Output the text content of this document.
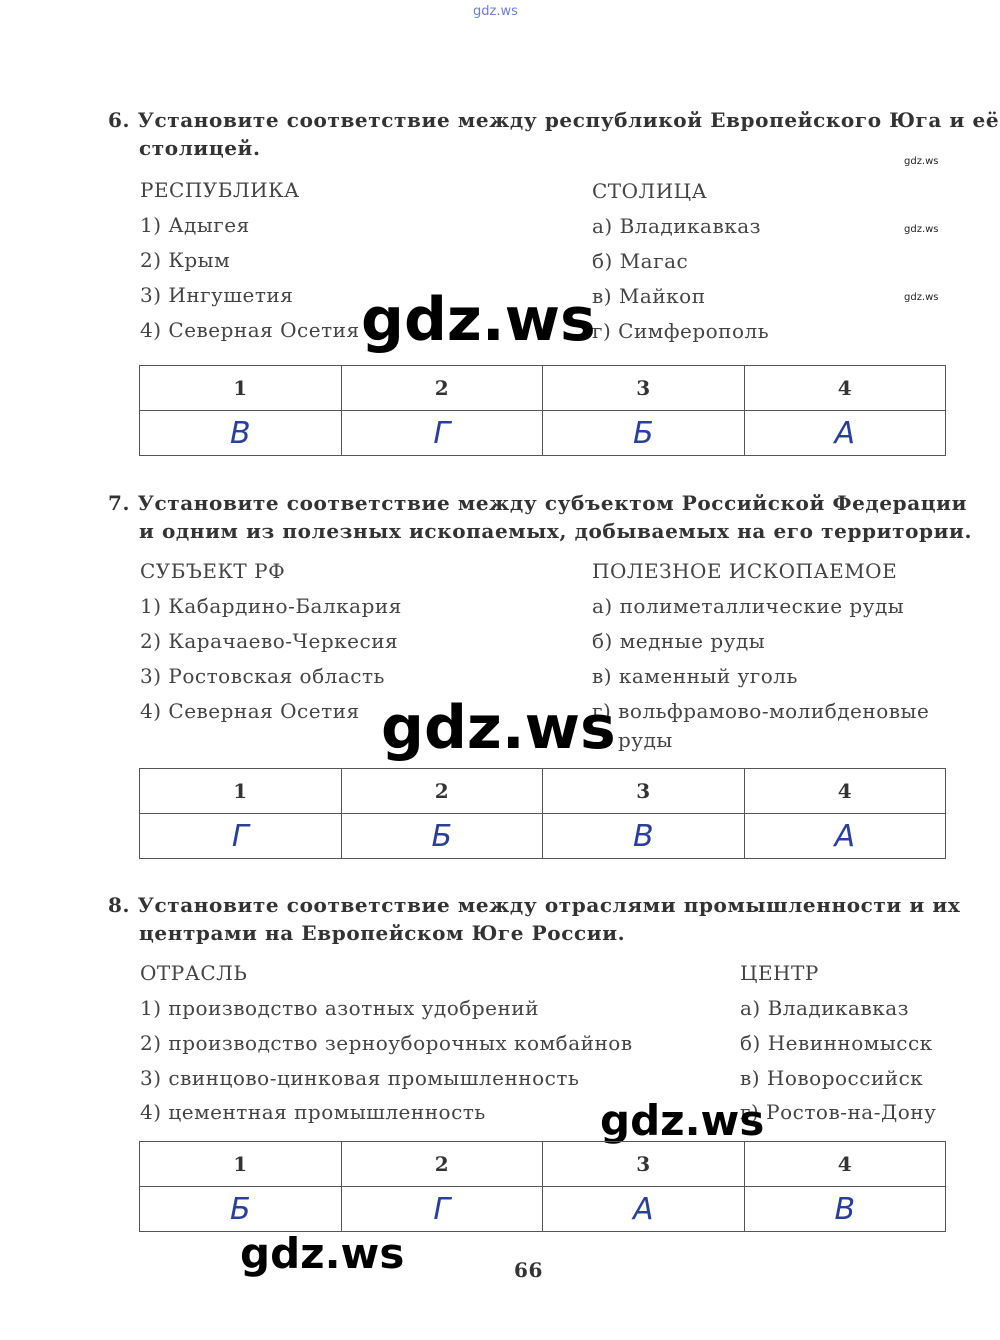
gdz.ws
6. Установите соответствие между республикой Европейского Юга и её
столицей.
gdz.ws
gdz.ws
gdz.ws
РЕСПУБЛИКА	СТОЛИЦА
1) Адыгея
2) Крым
3) Ингушетия
4) Северная Осетия
а) Владикавказ
б) Магас
в) Майкоп
г) Симферополь
gdz.ws
1	2	3	4
В	Г	Б	А
7. Установите соответствие между субъектом Российской Федерации
и одним из полезных ископаемых, добываемых на его территории.
СУБЪЕКТ РФ	ПОЛЕЗНОЕ ИСКОПАЕМОЕ
1) Кабардино-Балкария
2) Карачаево-Черкесия
3) Ростовская область
4) Северная Осетия
а) полиметаллические руды
б) медные руды
в) каменный уголь
г) вольфрамово-молибденовые
руды
gdz.ws
1	2	3	4
Г	Б	В	А
8. Установите соответствие между отраслями промышленности и их
центрами на Европейском Юге России.
ОТРАСЛЬ	ЦЕНТР
1) производство азотных удобрений
2) производство зерноуборочных комбайнов
3) свинцово-цинковая промышленность
4) цементная промышленность
а) Владикавказ
б) Невинномысск
в) Новороссийск
г) Ростов-на-Дону
gdz.ws
1	2	3	4
Б	Г	А	В
gdz.ws	66
